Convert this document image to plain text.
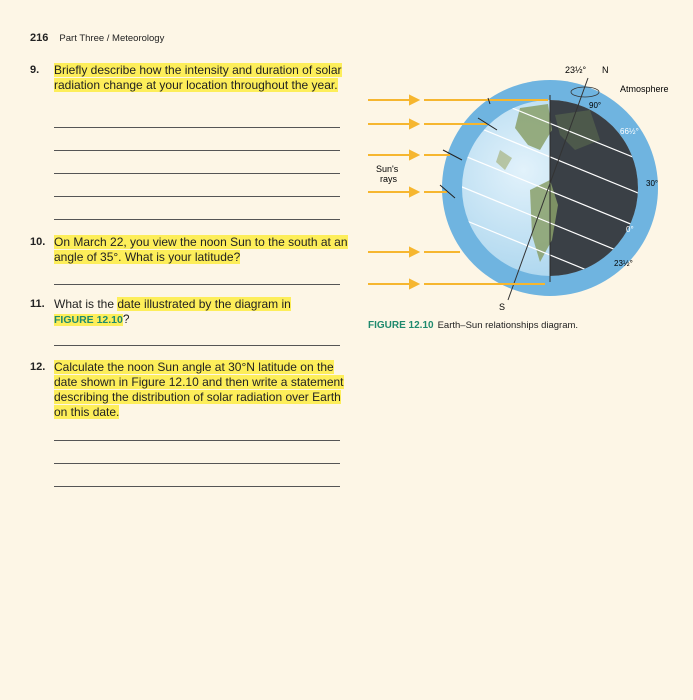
216 Part Three / Meteorology
9. Briefly describe how the intensity and duration of solar radiation change at your location throughout the year.
10. On March 22, you view the noon Sun to the south at an angle of 35°. What is your latitude?
11. What is the date illustrated by the diagram in
FIGURE 12.10?
12. Calculate the noon Sun angle at 30°N latitude on the date shown in Figure 12.10 and then write a statement describing the distribution of solar radiation over Earth on this date.
23½° N
Atmosphere
90°
66½°
30°
0°
23½°
S
Sun's
rays
FIGURE 12.10 Earth–Sun relationships diagram.
